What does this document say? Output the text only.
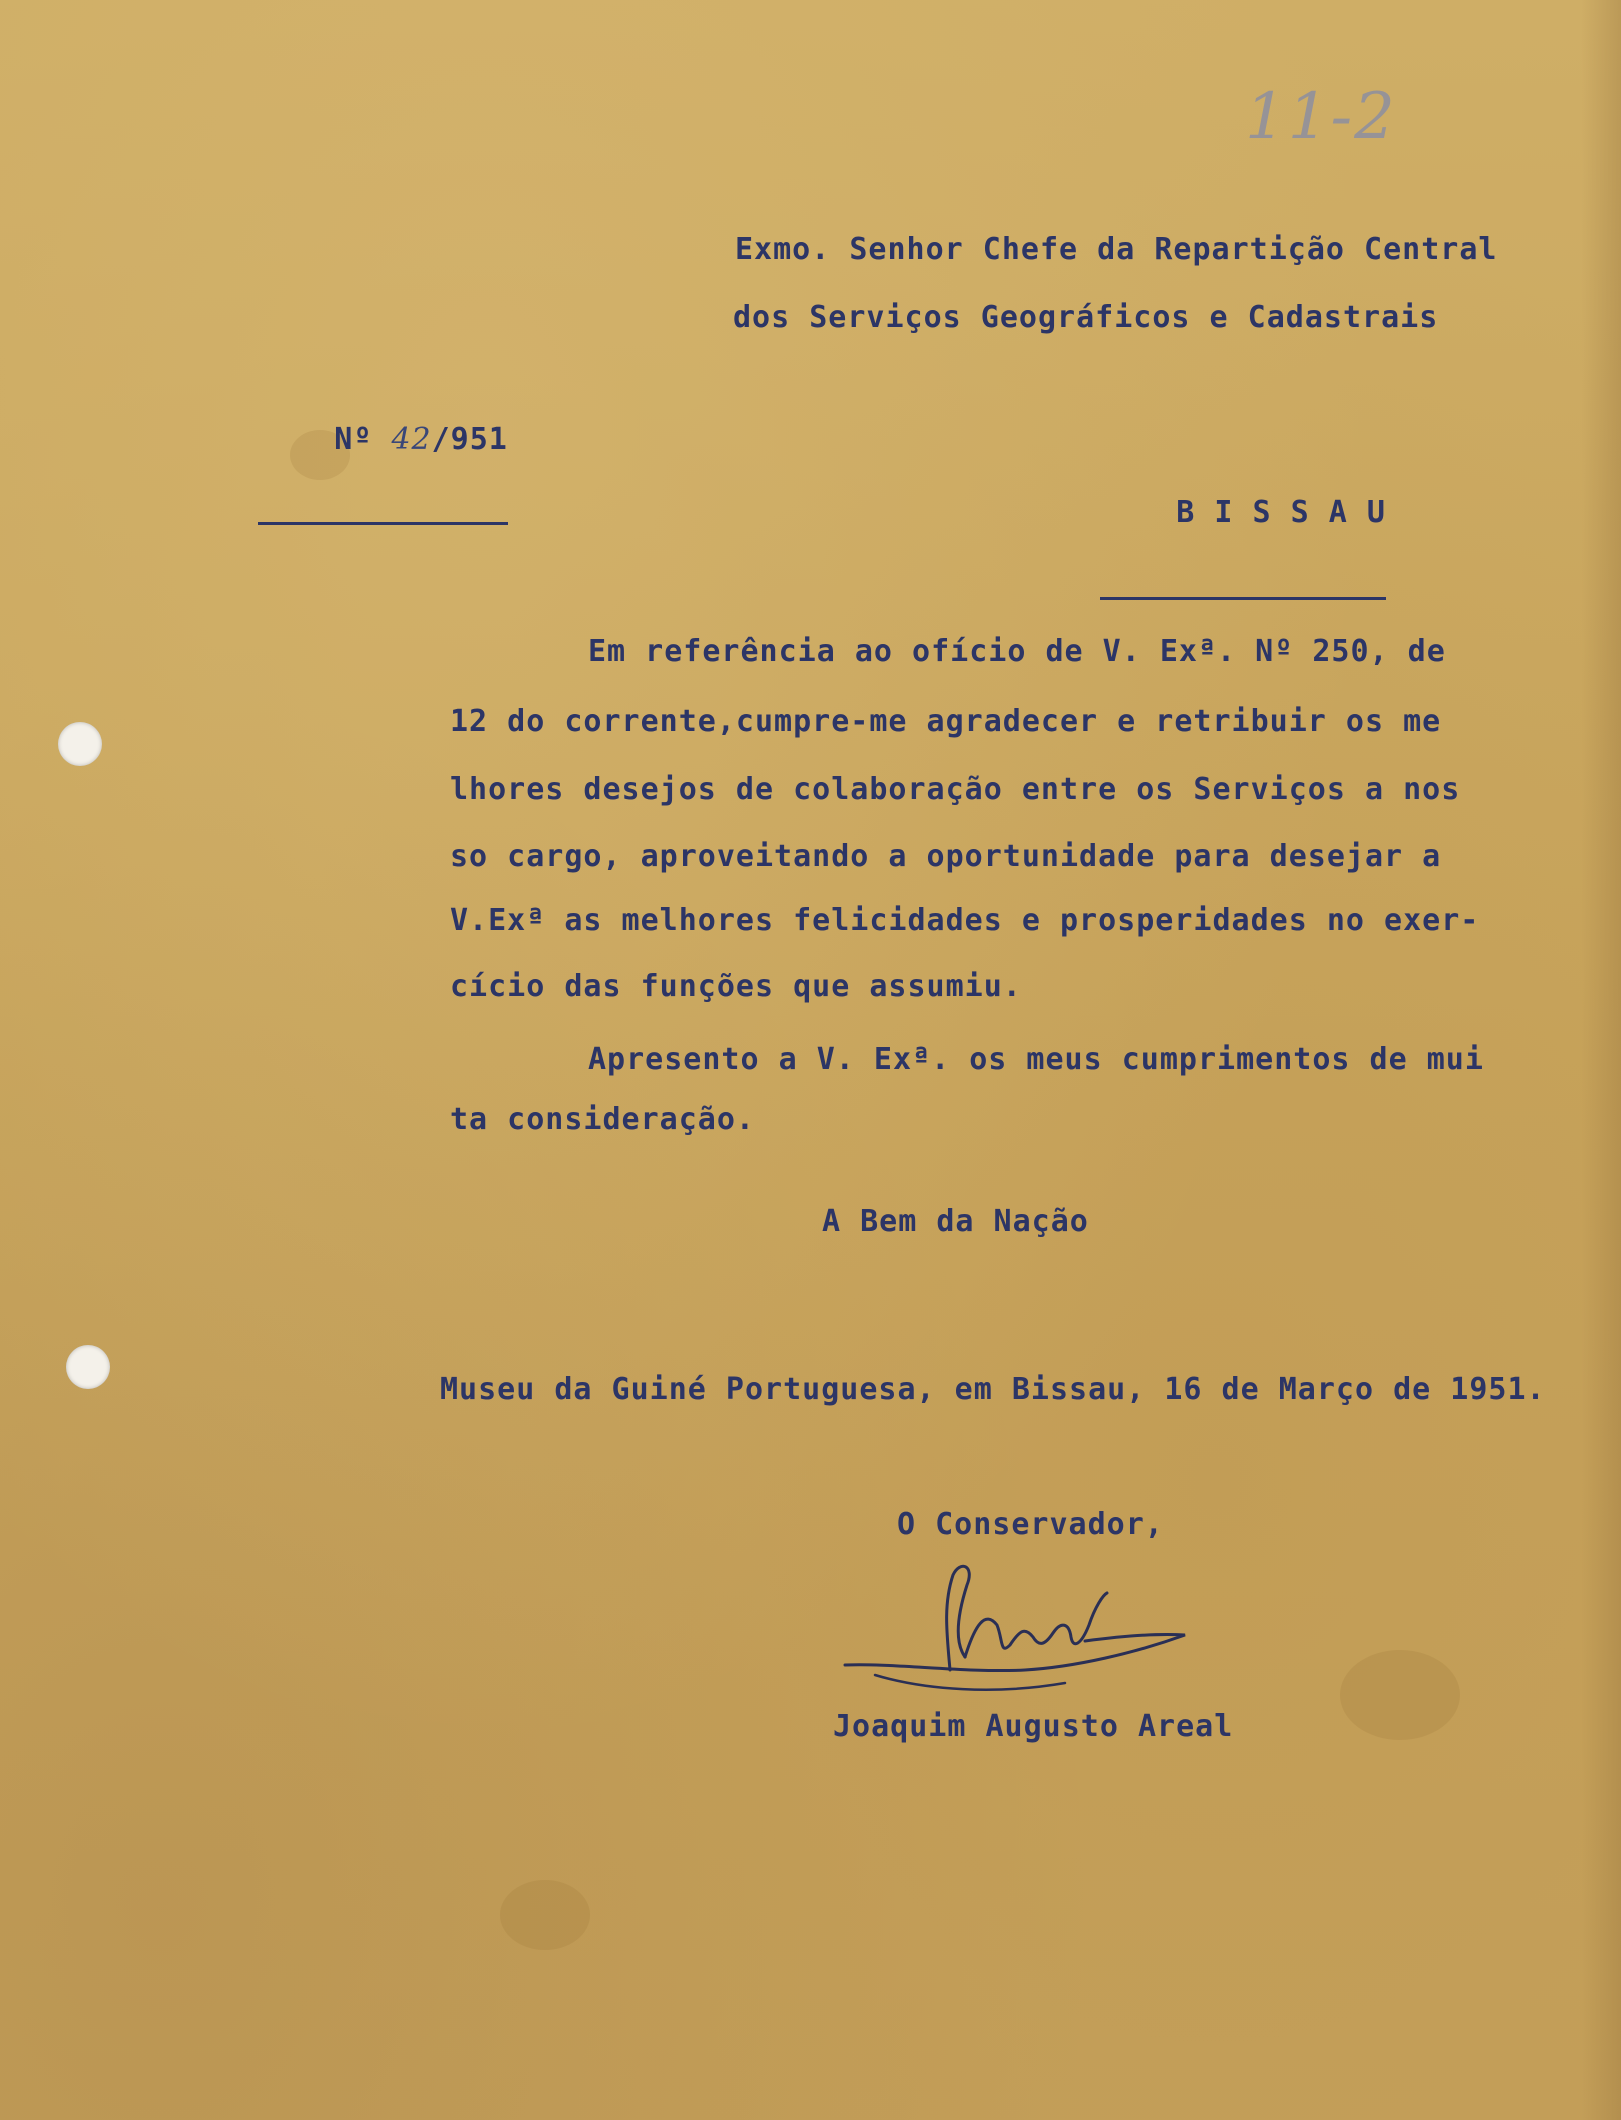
11-2
Exmo. Senhor Chefe da Repartição Central
dos Serviços Geográficos e Cadastrais

Nº 42/951

B I S S A U

Em referência ao ofício de V. Exª. Nº 250, de
12 do corrente,cumpre-me agradecer e retribuir os me
lhores desejos de colaboração entre os Serviços a nos
so cargo, aproveitando a oportunidade para desejar a
V.Exª as melhores felicidades e prosperidades no exer-
cício das funções que assumiu.
Apresento a V. Exª. os meus cumprimentos de mui
ta consideração.
A Bem da Nação
Museu da Guiné Portuguesa, em Bissau, 16 de Março de 1951.
O Conservador,
Joaquim Augusto Areal
